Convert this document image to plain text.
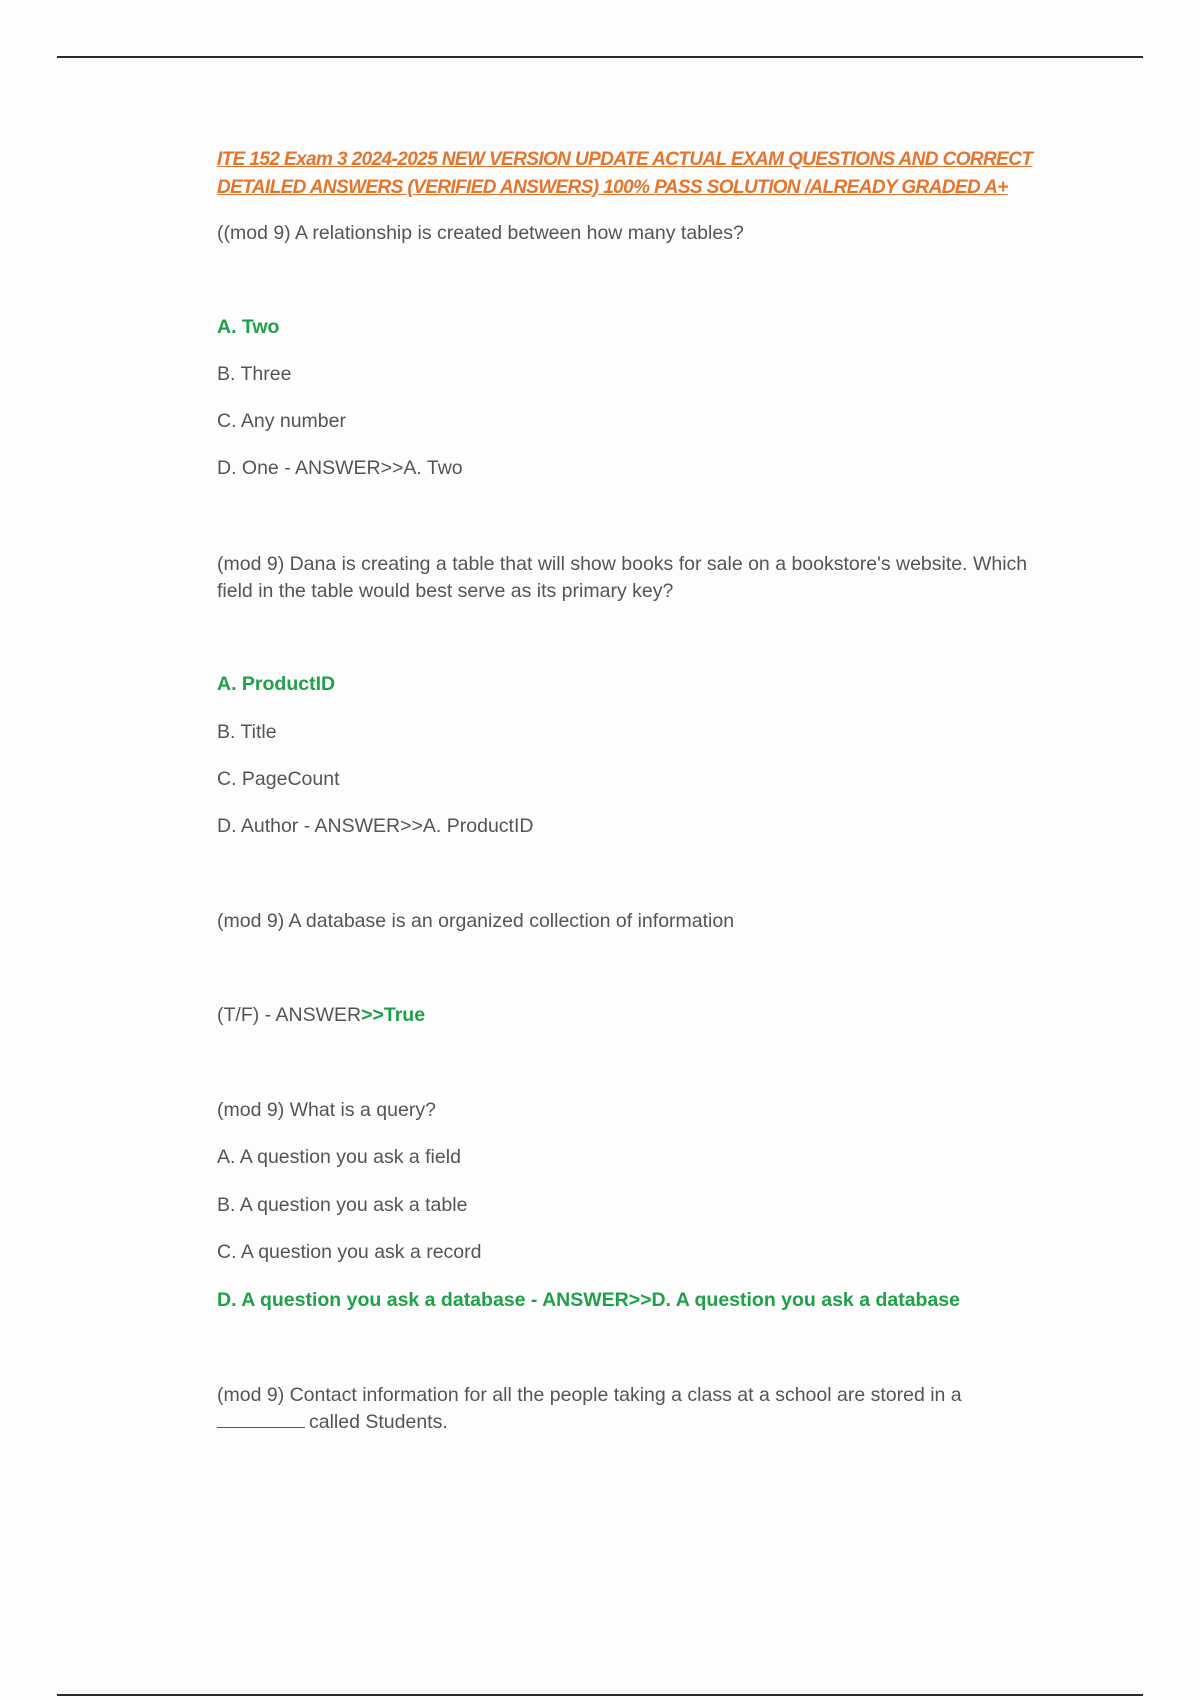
ITE 152 Exam 3 2024-2025 NEW VERSION UPDATE ACTUAL EXAM QUESTIONS AND CORRECT
DETAILED ANSWERS (VERIFIED ANSWERS) 100% PASS SOLUTION /ALREADY GRADED A+
((mod 9) A relationship is created between how many tables?
A. Two
B. Three
C. Any number
D. One - ANSWER>>A. Two
(mod 9) Dana is creating a table that will show books for sale on a bookstore's website. Which
field in the table would best serve as its primary key?
A. ProductID
B. Title
C. PageCount
D. Author - ANSWER>>A. ProductID
(mod 9) A database is an organized collection of information
(T/F) - ANSWER>>True
(mod 9) What is a query?
A. A question you ask a field
B. A question you ask a table
C. A question you ask a record
D. A question you ask a database - ANSWER>>D. A question you ask a database
(mod 9) Contact information for all the people taking a class at a school are stored in a
called Students.
